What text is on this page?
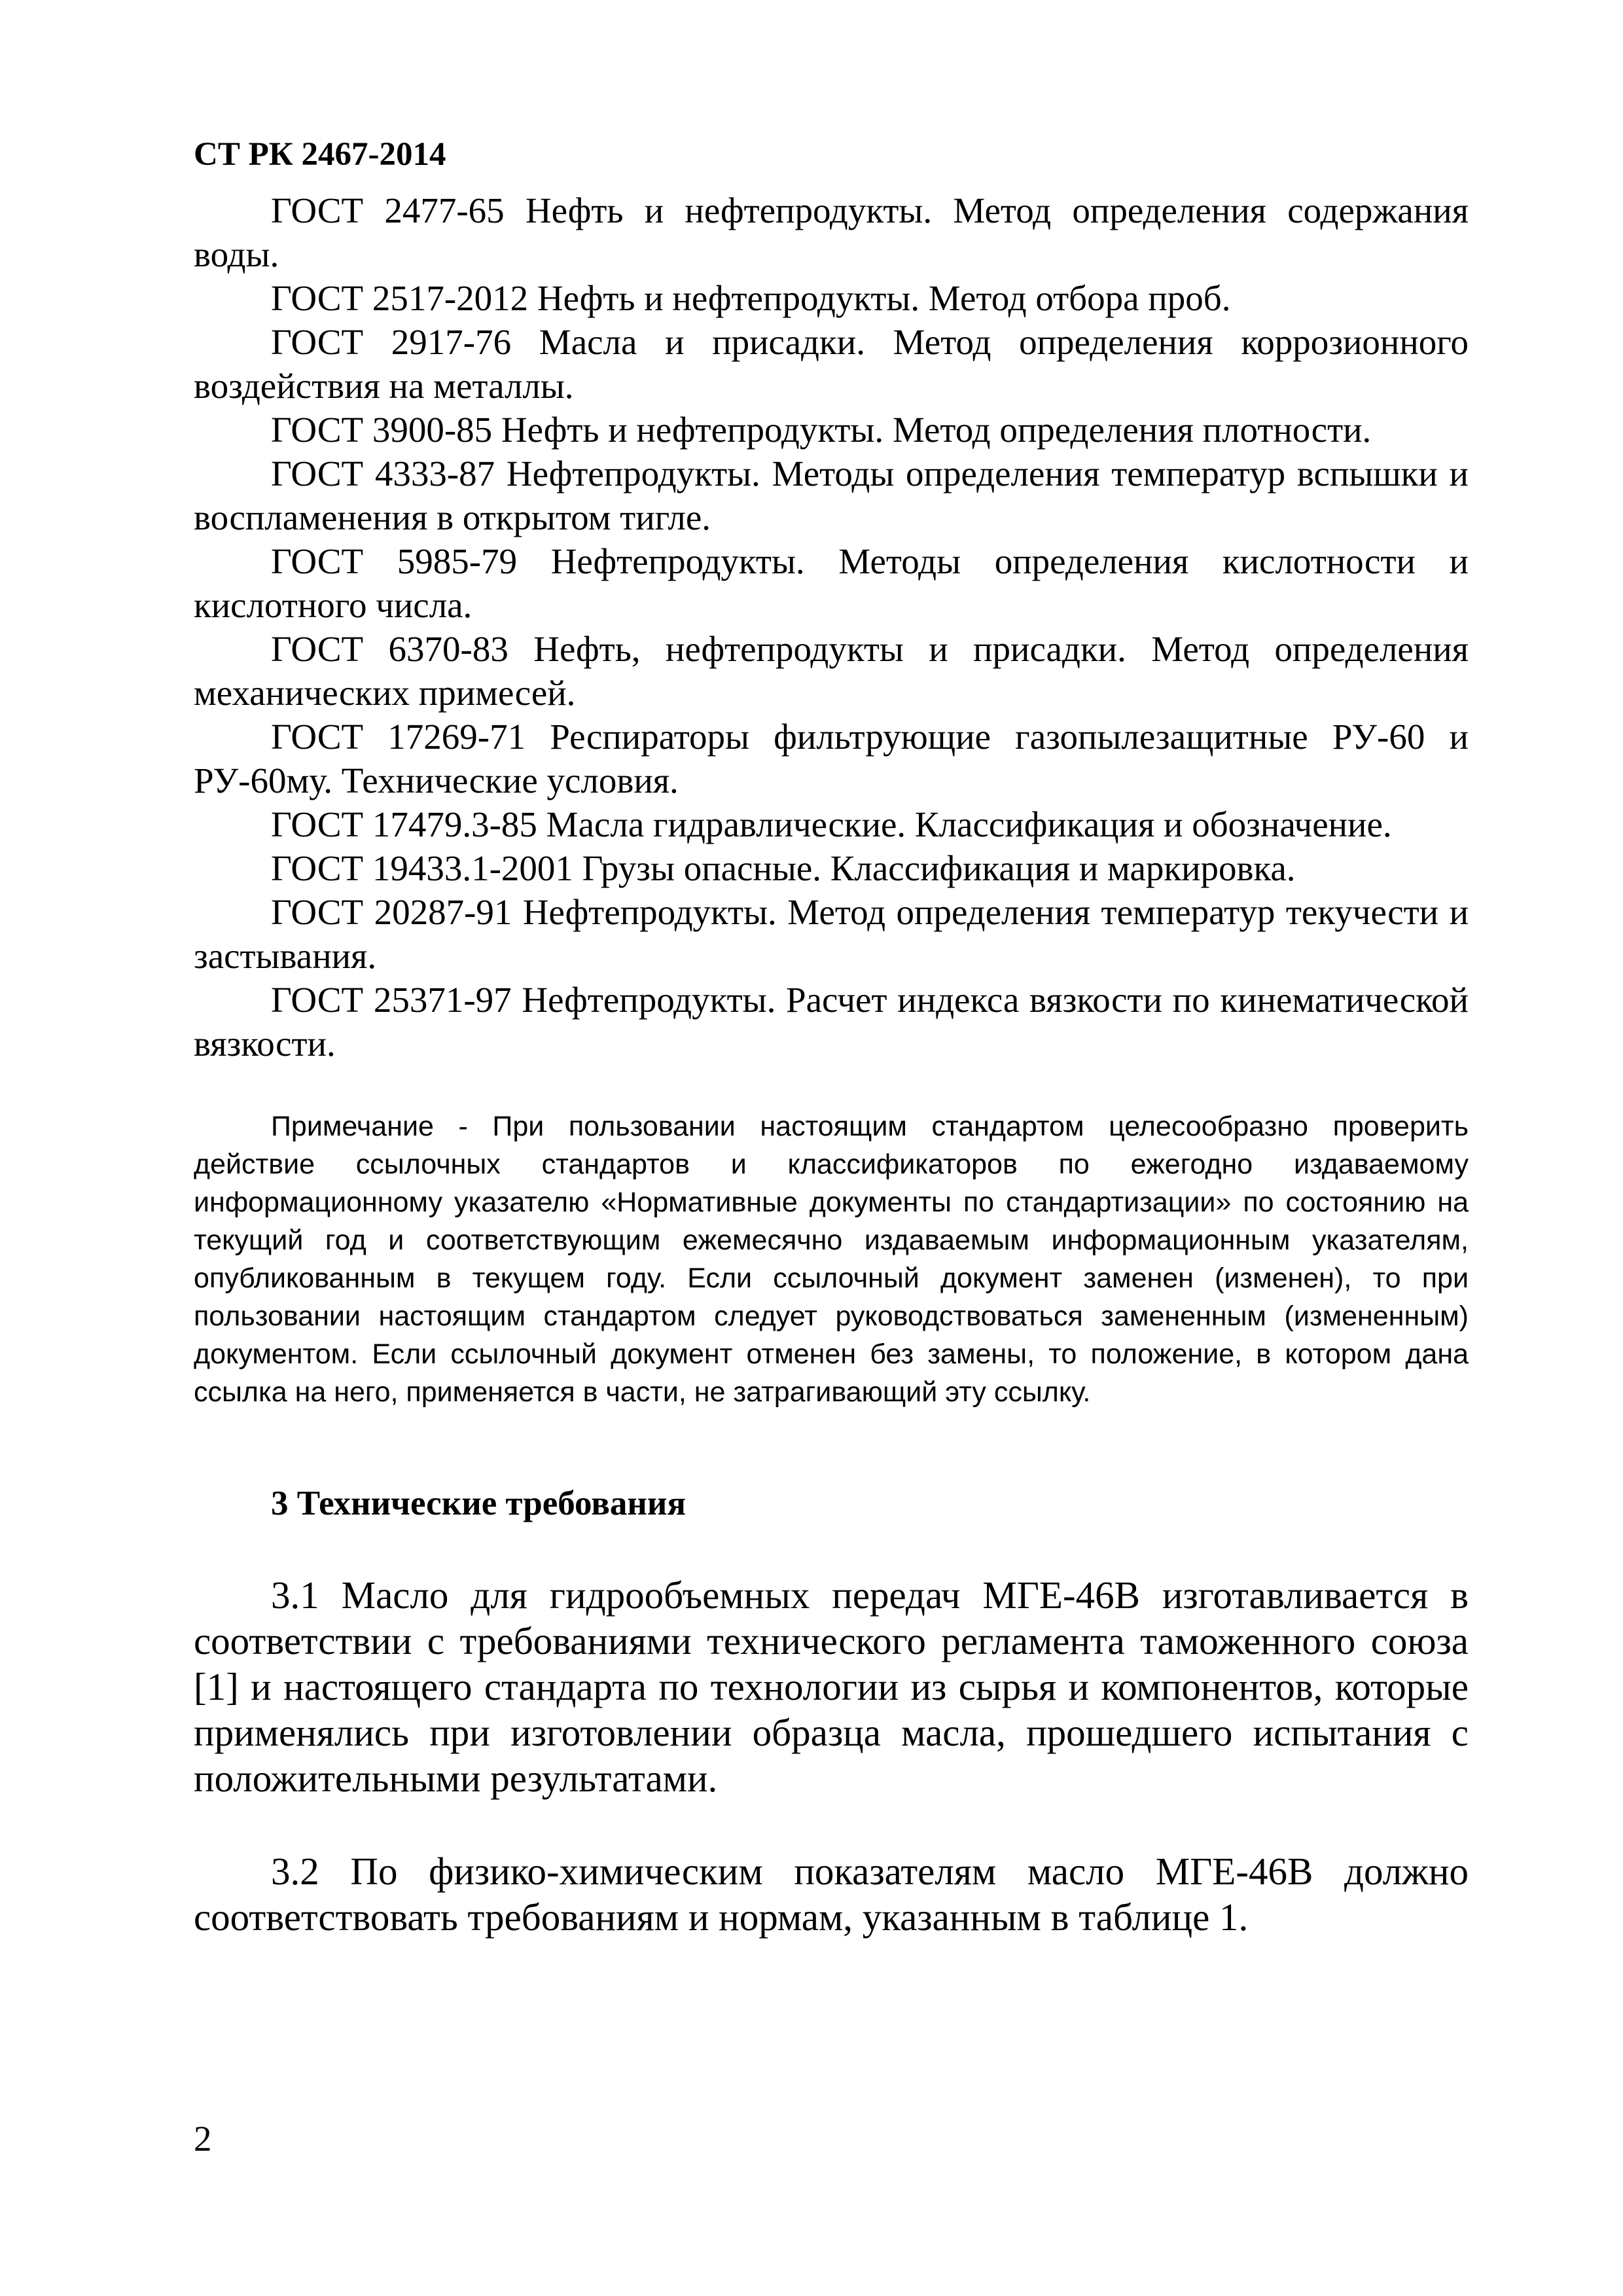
СТ РК 2467-2014

ГОСТ 2477-65 Нефть и нефтепродукты. Метод определения содержания воды.

ГОСТ 2517-2012 Нефть и нефтепродукты. Метод отбора проб.

ГОСТ 2917-76 Масла и присадки. Метод определения коррозионного воздействия на металлы.

ГОСТ 3900-85 Нефть и нефтепродукты. Метод определения плотности.

ГОСТ 4333-87 Нефтепродукты. Методы определения температур вспышки и воспламенения в открытом тигле.

ГОСТ 5985-79 Нефтепродукты. Методы определения кислотности и кислотного числа.

ГОСТ 6370-83 Нефть, нефтепродукты и присадки. Метод определения механических примесей.

ГОСТ 17269-71 Респираторы фильтрующие газопылезащитные РУ-60 и РУ-60му. Технические условия.

ГОСТ 17479.3-85 Масла гидравлические. Классификация и обозначение.

ГОСТ 19433.1-2001 Грузы опасные. Классификация и маркировка.

ГОСТ 20287-91 Нефтепродукты. Метод определения температур текучести и застывания.

ГОСТ 25371-97 Нефтепродукты. Расчет индекса вязкости по кинематической вязкости.

Примечание - При пользовании настоящим стандартом целесообразно проверить действие ссылочных стандартов и классификаторов по ежегодно издаваемому информационному указателю «Нормативные документы по стандартизации» по состоянию на текущий год и соответствующим ежемесячно издаваемым информационным указателям, опубликованным в текущем году. Если ссылочный документ заменен (изменен), то при пользовании настоящим стандартом следует руководствоваться замененным (измененным) документом. Если ссылочный документ отменен без замены, то положение, в котором дана ссылка на него, применяется в части, не затрагивающий эту ссылку.

3 Технические требования

3.1 Масло для гидрообъемных передач МГЕ-46В изготавливается в соответствии с требованиями технического регламента таможенного союза [1] и настоящего стандарта по технологии из сырья и компонентов, которые применялись при изготовлении образца масла, прошедшего испытания с положительными результатами.

3.2 По физико-химическим показателям масло МГЕ-46В должно соответствовать требованиям и нормам, указанным в таблице 1.

2
